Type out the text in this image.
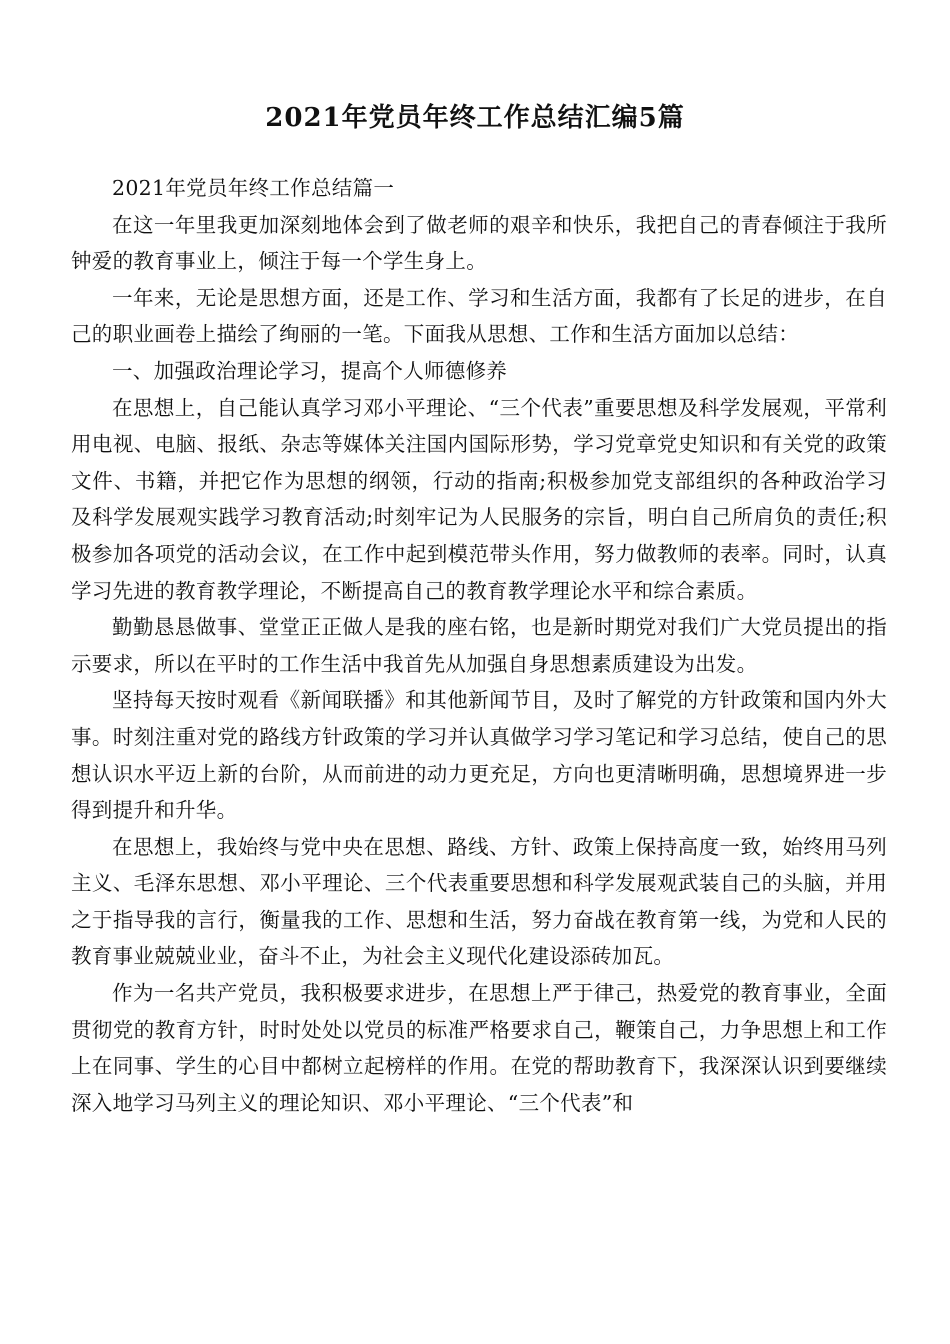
2021年党员年终工作总结汇编5篇

2021年党员年终工作总结篇一

在这一年里我更加深刻地体会到了做老师的艰辛和快乐，我把自己的青春倾注于我所钟爱的教育事业上，倾注于每一个学生身上。

一年来，无论是思想方面，还是工作、学习和生活方面，我都有了长足的进步，在自己的职业画卷上描绘了绚丽的一笔。下面我从思想、工作和生活方面加以总结：

一、加强政治理论学习，提高个人师德修养

在思想上，自己能认真学习邓小平理论、“三个代表”重要思想及科学发展观，平常利用电视、电脑、报纸、杂志等媒体关注国内国际形势，学习党章党史知识和有关党的政策文件、书籍，并把它作为思想的纲领，行动的指南;积极参加党支部组织的各种政治学习及科学发展观实践学习教育活动;时刻牢记为人民服务的宗旨，明白自己所肩负的责任;积极参加各项党的活动会议，在工作中起到模范带头作用，努力做教师的表率。同时，认真学习先进的教育教学理论，不断提高自己的教育教学理论水平和综合素质。

勤勤恳恳做事、堂堂正正做人是我的座右铭，也是新时期党对我们广大党员提出的指示要求，所以在平时的工作生活中我首先从加强自身思想素质建设为出发。

坚持每天按时观看《新闻联播》和其他新闻节目，及时了解党的方针政策和国内外大事。时刻注重对党的路线方针政策的学习并认真做学习学习笔记和学习总结，使自己的思想认识水平迈上新的台阶，从而前进的动力更充足，方向也更清晰明确，思想境界进一步得到提升和升华。

在思想上，我始终与党中央在思想、路线、方针、政策上保持高度一致，始终用马列主义、毛泽东思想、邓小平理论、三个代表重要思想和科学发展观武装自己的头脑，并用之于指导我的言行，衡量我的工作、思想和生活，努力奋战在教育第一线，为党和人民的教育事业兢兢业业，奋斗不止，为社会主义现代化建设添砖加瓦。

作为一名共产党员，我积极要求进步，在思想上严于律己，热爱党的教育事业，全面贯彻党的教育方针，时时处处以党员的标准严格要求自己，鞭策自己，力争思想上和工作上在同事、学生的心目中都树立起榜样的作用。在党的帮助教育下，我深深认识到要继续深入地学习马列主义的理论知识、邓小平理论、“三个代表”和
